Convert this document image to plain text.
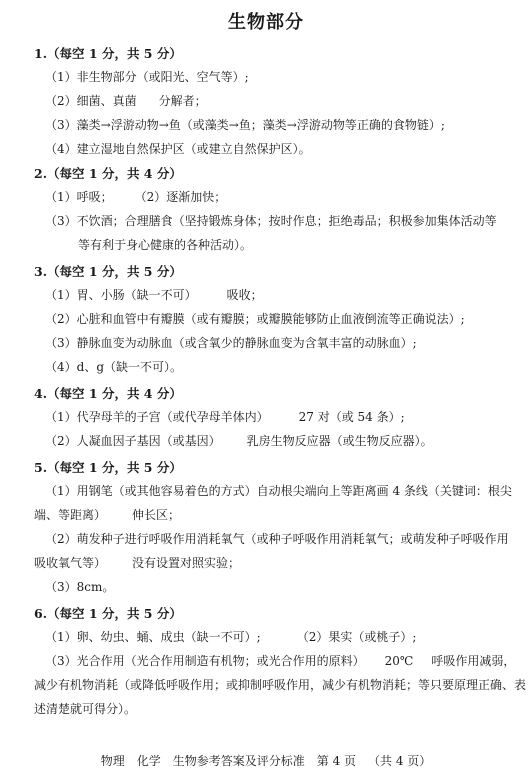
生物部分
1.（每空 1 分，共 5 分）
（1）非生物部分（或阳光、空气等）;
（2）细菌、真菌 分解者；
（3）藻类→浮游动物→鱼（或藻类→鱼；藻类→浮游动物等正确的食物链）;
（4）建立湿地自然保护区（或建立自然保护区）。
2.（每空 1 分，共 4 分）
（1）呼吸； （2）逐渐加快；
（3）不饮酒；合理膳食（坚持锻炼身体；按时作息；拒绝毒品；积极参加集体活动等
等有利于身心健康的各种活动）。
3.（每空 1 分，共 5 分）
（1）胃、小肠（缺一不可）	吸收；
（2）心脏和血管中有瓣膜（或有瓣膜；或瓣膜能够防止血液倒流等正确说法）;
（3）静脉血变为动脉血（或含氧少的静脉血变为含氧丰富的动脉血）;
（4）d、g（缺一不可）。
4.（每空 1 分，共 4 分）
（1）代孕母羊的子宫（或代孕母羊体内）	27 对（或 54 条）;
（2）人凝血因子基因（或基因） 乳房生物反应器（或生物反应器）。
5.（每空 1 分，共 5 分）
（1）用钢笔（或其他容易着色的方式）自动根尖端向上等距离画 4 条线（关键词：根尖
端、等距离） 伸长区；
（2）萌发种子进行呼吸作用消耗氧气（或种子呼吸作用消耗氧气；或萌发种子呼吸作用
吸收氧气等） 没有设置对照实验；
（3）8cm。
6.（每空 1 分，共 5 分）
（1）卵、幼虫、蛹、成虫（缺一不可）;	（2）果实（或桃子）;
（3）光合作用（光合作用制造有机物；或光合作用的原料） 20℃ 呼吸作用减弱，
减少有机物消耗（或降低呼吸作用；或抑制呼吸作用，减少有机物消耗；等只要原理正确、表
述清楚就可得分）。
物理 化学 生物参考答案及评分标准 第 4 页 （共 4 页）
